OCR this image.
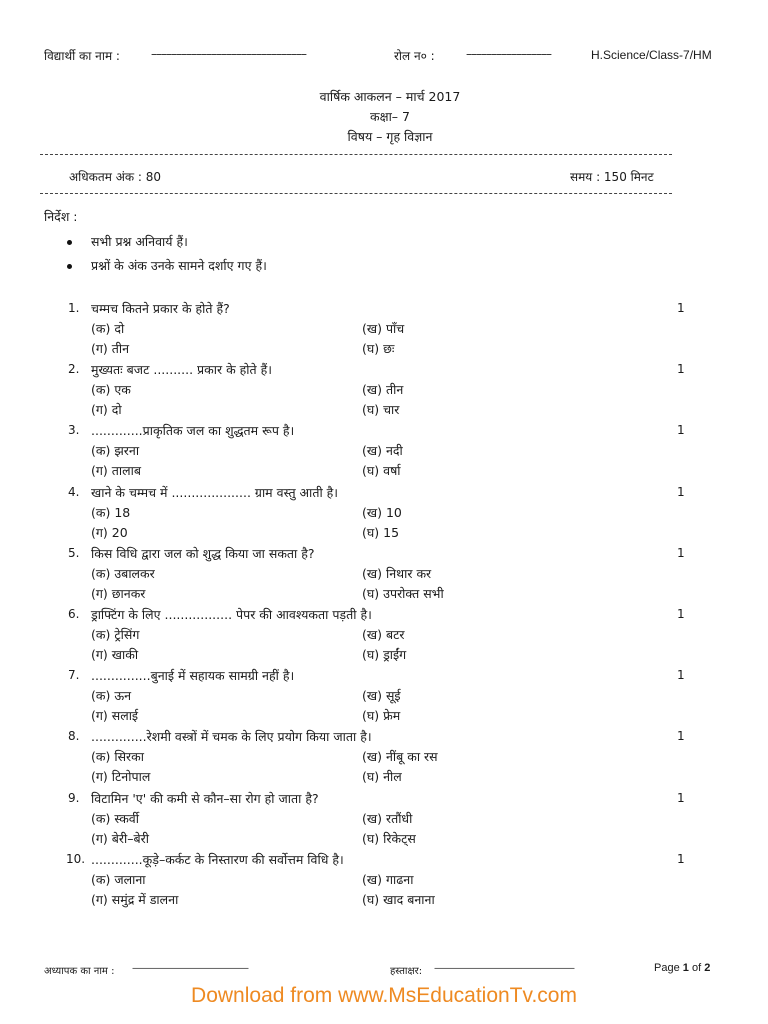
विद्यार्थी का नाम :	–––––––––––––––––––––––––––––––	रोल न० :	–––––––––––––––––	H.Science/Class-7/HM
वार्षिक आकलन – मार्च 2017
कक्षा– 7
विषय – गृह विज्ञान
अधिकतम अंक : 80	समय : 150 मिनट
निर्देश :
सभी प्रश्न अनिवार्य हैं।
प्रश्नों के अंक उनके सामने दर्शाए गए हैं।
1. चम्मच कितने प्रकार के होते हैं?	1
(क) दो	(ख) पाँच
(ग) तीन	(घ) छः
2. मुख्यतः बजट .......... प्रकार के होते हैं।	1
(क) एक	(ख) तीन
(ग) दो	(घ) चार
3. .............प्राकृतिक जल का शुद्धतम रूप है।	1
(क) झरना	(ख) नदी
(ग) तालाब	(घ) वर्षा
4. खाने के चम्मच में .................... ग्राम वस्तु आती है।	1
(क) 18	(ख) 10
(ग) 20	(घ) 15
5. किस विधि द्वारा जल को शुद्ध किया जा सकता है?	1
(क) उबालकर	(ख) निथार कर
(ग) छानकर	(घ) उपरोक्त सभी
6. ड्राफ्टिंग के लिए ................. पेपर की आवश्यकता पड़ती है।	1
(क) ट्रेसिंग	(ख) बटर
(ग) खाकी	(घ) ड्राईंग
7. ...............बुनाई में सहायक सामग्री नहीं है।	1
(क) ऊन	(ख) सूई
(ग) सलाई	(घ) फ्रेम
8. ..............रेशमी वस्त्रों में चमक के लिए प्रयोग किया जाता है।	1
(क) सिरका	(ख) नींबू का रस
(ग) टिनोपाल	(घ) नील
9. विटामिन 'ए' की कमी से कौन–सा रोग हो जाता है?	1
(क) स्कर्वी	(ख) रतौंधी
(ग) बेरी–बेरी	(घ) रिकेट्स
10. .............कूड़े–कर्कट के निस्तारण की सर्वोत्तम विधि है।	1
(क) जलाना	(ख) गाढना
(ग) समुंद्र में डालना	(घ) खाद बनाना
अध्यापक का नाम : –––––––––––––––––––––––––––––	हस्ताक्षर: –––––––––––––––––––––––––––––––––––	Page 1 of 2
Download from www.MsEducationTv.com
